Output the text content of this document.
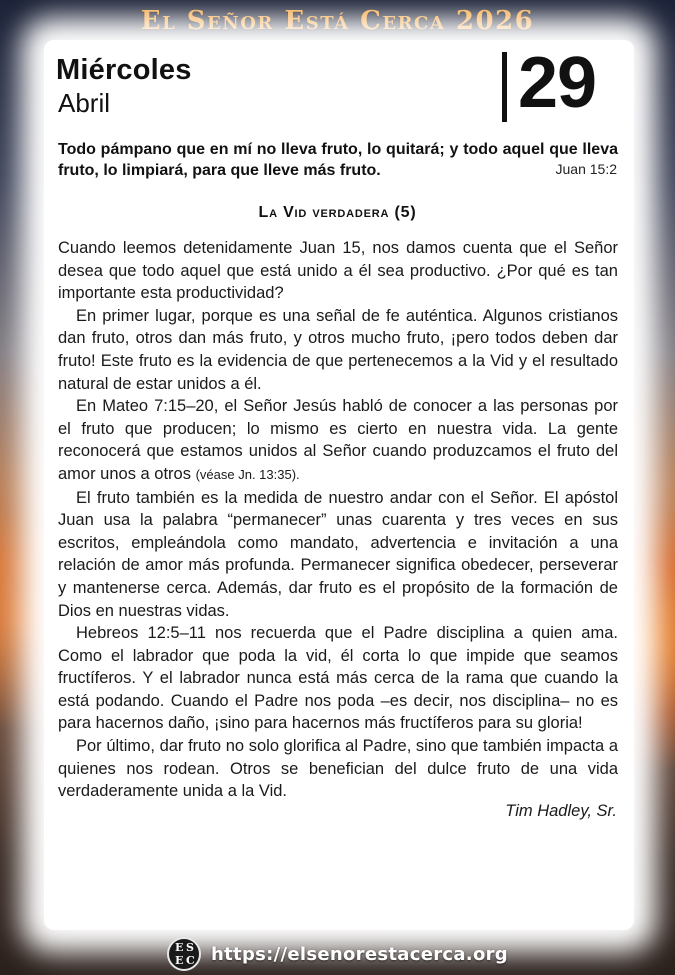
El Señor Está Cerca 2026
Miércoles
Abril	29
Todo pámpano que en mí no lleva fruto, lo quitará; y todo aquel que lleva fruto, lo limpiará, para que lleve más fruto.	Juan 15:2
La Vid verdadera (5)

Cuando leemos detenidamente Juan 15, nos damos cuenta que el Señor desea que todo aquel que está unido a él sea productivo. ¿Por qué es tan importante esta productividad?

En primer lugar, porque es una señal de fe auténtica. Algunos cristianos dan fruto, otros dan más fruto, y otros mucho fruto, ¡pero todos deben dar fruto! Este fruto es la evidencia de que pertenecemos a la Vid y el resultado natural de estar unidos a él.

En Mateo 7:15–20, el Señor Jesús habló de conocer a las personas por el fruto que producen; lo mismo es cierto en nuestra vida. La gente reconocerá que estamos unidos al Señor cuando produzcamos el fruto del amor unos a otros (véase Jn. 13:35).

El fruto también es la medida de nuestro andar con el Señor. El apóstol Juan usa la palabra “permanecer” unas cuarenta y tres veces en sus escritos, empleándola como mandato, advertencia e invitación a una relación de amor más profunda. Permanecer significa obedecer, perseverar y mantenerse cerca. Además, dar fruto es el propósito de la formación de Dios en nuestras vidas.

Hebreos 12:5–11 nos recuerda que el Padre disciplina a quien ama. Como el labrador que poda la vid, él corta lo que impide que seamos fructíferos. Y el labrador nunca está más cerca de la rama que cuando la está podando. Cuando el Padre nos poda –es decir, nos disciplina– no es para hacernos daño, ¡sino para hacernos más fructíferos para su gloria!

Por último, dar fruto no solo glorifica al Padre, sino que también impacta a quienes nos rodean. Otros se benefician del dulce fruto de una vida verdaderamente unida a la Vid.

Tim Hadley, Sr.
E S
E C https://elsenorestacerca.org
